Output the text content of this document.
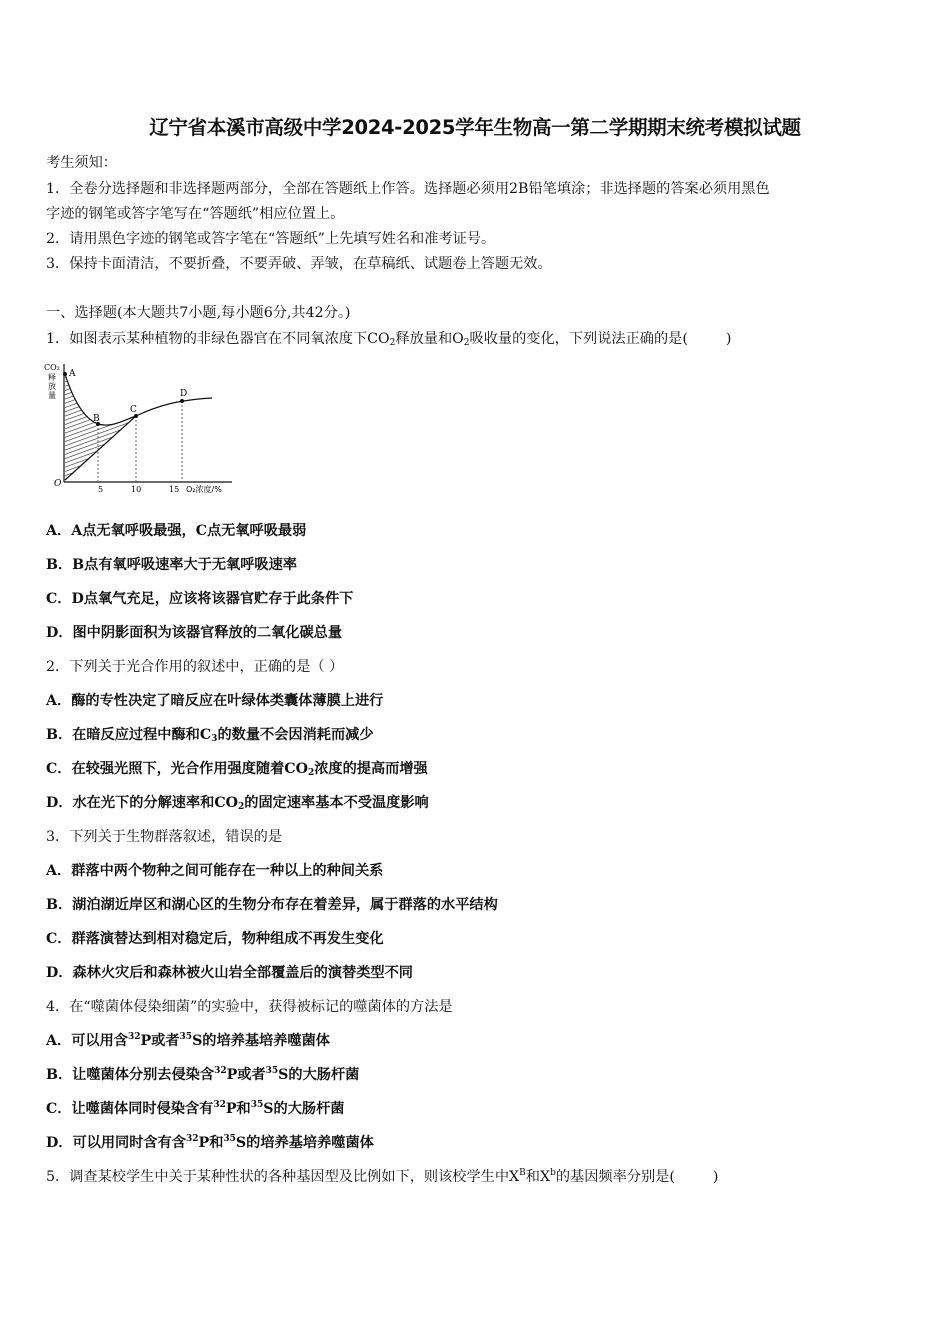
辽宁省本溪市高级中学2024-2025学年生物高一第二学期期末统考模拟试题
考生须知：
1．全卷分选择题和非选择题两部分，全部在答题纸上作答。选择题必须用2B铅笔填涂；非选择题的答案必须用黑色
字迹的钢笔或答字笔写在“答题纸”相应位置上。
2．请用黑色字迹的钢笔或答字笔在“答题纸”上先填写姓名和准考证号。
3．保持卡面清洁，不要折叠，不要弄破、弄皱，在草稿纸、试题卷上答题无效。
一、选择题(本大题共7小题,每小题6分,共42分。)
1．如图表示某种植物的非绿色器官在不同氧浓度下$CO_2$释放量和$O_2$吸收量的变化，下列说法正确的是(	)
A
B
C
D
CO₂
释
放
量
O
5	10	15 O₂浓度/%
A．A点无氧呼吸最强，C点无氧呼吸最弱
B．B点有氧呼吸速率大于无氧呼吸速率
C．D点氧气充足，应该将该器官贮存于此条件下
D．图中阴影面积为该器官释放的二氧化碳总量
2．下列关于光合作用的叙述中，正确的是（ ）
A．酶的专性决定了暗反应在叶绿体类囊体薄膜上进行
B．在暗反应过程中酶和$C_3$的数量不会因消耗而减少
C．在较强光照下，光合作用强度随着$CO_2$浓度的提高而增强
D．水在光下的分解速率和$CO_2$的固定速率基本不受温度影响
3．下列关于生物群落叙述，错误的是
A．群落中两个物种之间可能存在一种以上的种间关系
B．湖泊湖近岸区和湖心区的生物分布存在着差异，属于群落的水平结构
C．群落演替达到相对稳定后，物种组成不再发生变化
D．森林火灾后和森林被火山岩全部覆盖后的演替类型不同
4．在“噬菌体侵染细菌”的实验中，获得被标记的噬菌体的方法是
A．可以用含$^{32}$P或者$^{35}$S的培养基培养噬菌体
B．让噬菌体分别去侵染含$^{32}$P或者$^{35}$S的大肠杆菌
C．让噬菌体同时侵染含有$^{32}$P和$^{35}$S的大肠杆菌
D．可以用同时含有含$^{32}$P和$^{35}$S的培养基培养噬菌体
5．调查某校学生中关于某种性状的各种基因型及比例如下，则该校学生中$X^B$和$X^b$的基因频率分别是(	)
